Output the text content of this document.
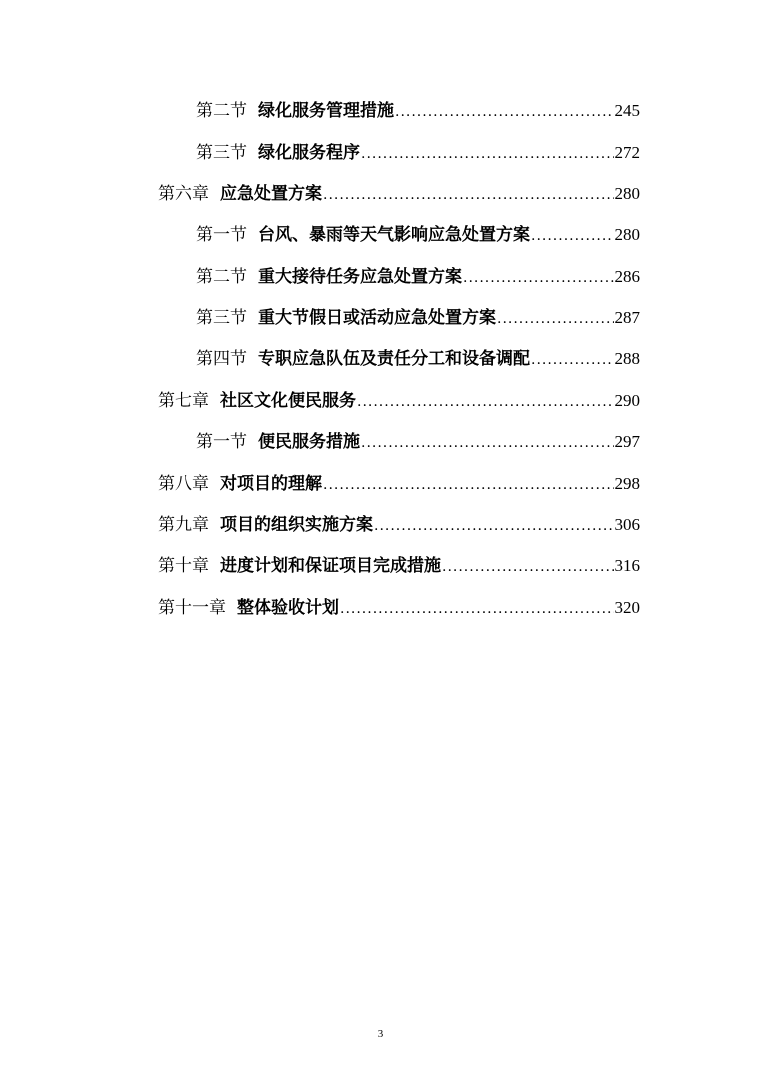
第二节 绿化服务管理措施 .....	245
第三节 绿化服务程序 .....	272
第六章 应急处置方案 .....	280
第一节 台风、暴雨等天气影响应急处置方案 .....	280
第二节 重大接待任务应急处置方案 .....	286
第三节 重大节假日或活动应急处置方案 .....	287
第四节 专职应急队伍及责任分工和设备调配 .....	288
第七章 社区文化便民服务 .....	290
第一节 便民服务措施 .....	297
第八章 对项目的理解 .....	298
第九章 项目的组织实施方案 .....	306
第十章 进度计划和保证项目完成措施 .....	316
第十一章 整体验收计划 .....	320
3
